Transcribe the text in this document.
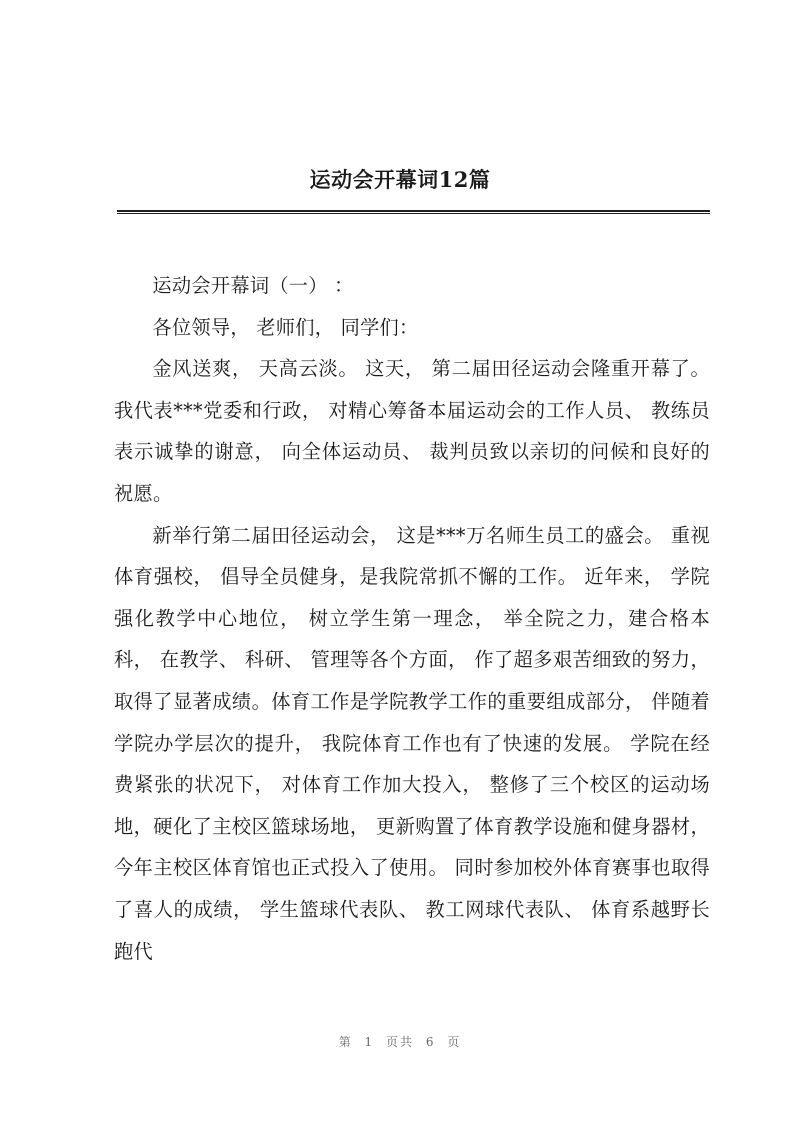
运动会开幕词12篇

运动会开幕词（一） ：

各位领导， 老师们， 同学们：

金风送爽， 天高云淡。 这天， 第二届田径运动会隆重开幕了。 我代表***党委和行政， 对精心筹备本届运动会的工作人员、 教练员表示诚挚的谢意， 向全体运动员、 裁判员致以亲切的问候和良好的祝愿。

新举行第二届田径运动会， 这是***万名师生员工的盛会。 重视体育强校， 倡导全员健身，是我院常抓不懈的工作。 近年来， 学院强化教学中心地位， 树立学生第一理念， 举全院之力，建合格本科， 在教学、 科研、 管理等各个方面， 作了超多艰苦细致的努力， 取得了显著成绩。体育工作是学院教学工作的重要组成部分， 伴随着学院办学层次的提升， 我院体育工作也有了快速的发展。 学院在经费紧张的状况下， 对体育工作加大投入， 整修了三个校区的运动场地，硬化了主校区篮球场地， 更新购置了体育教学设施和健身器材， 今年主校区体育馆也正式投入了使用。 同时参加校外体育赛事也取得了喜人的成绩， 学生篮球代表队、 教工网球代表队、 体育系越野长跑代

第 1 页共 6 页
